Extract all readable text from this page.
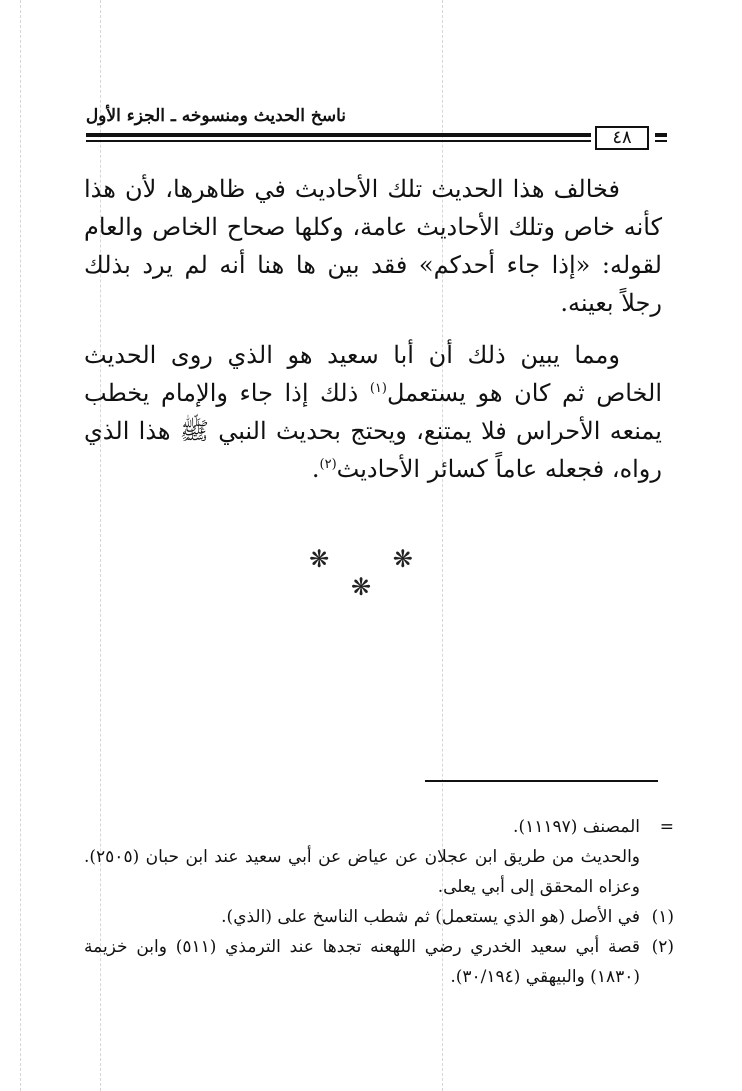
ناسخ الحديث ومنسوخه ـ الجزء الأول
٤٨

فخالف هذا الحديث تلك الأحاديث في ظاهرها، لأن هذا كأنه خاص وتلك الأحاديث عامة، وكلها صحاح الخاص والعام لقوله: «إذا جاء أحدكم» فقد بين ها هنا أنه لم يرد بذلك رجلاً بعينه.

ومما يبين ذلك أن أبا سعيد هو الذي روى الحديث الخاص ثم كان هو يستعمل$^{(١)}$ ذلك إذا جاء والإمام يخطب يمنعه الأحراس فلا يمتنع، ويحتج بحديث النبي ﷺ هذا الذي رواه، فجعله عاماً كسائر الأحاديث$^{(٢)}$.

❋ ❋ ❋
=
المصنف (١١١٩٧).
والحديث من طريق ابن عجلان عن عياض عن أبي سعيد عند ابن حبان (٢٥٠٥). وعزاه المحقق إلى أبي يعلى.
(١)
في الأصل (هو الذي يستعمل) ثم شطب الناسخ على (الذي).
(٢)
قصة أبي سعيد الخدري رضي اللهعنه تجدها عند الترمذي (٥١١) وابن خزيمة (١٨٣٠) والبيهقي (٣٠/١٩٤).
